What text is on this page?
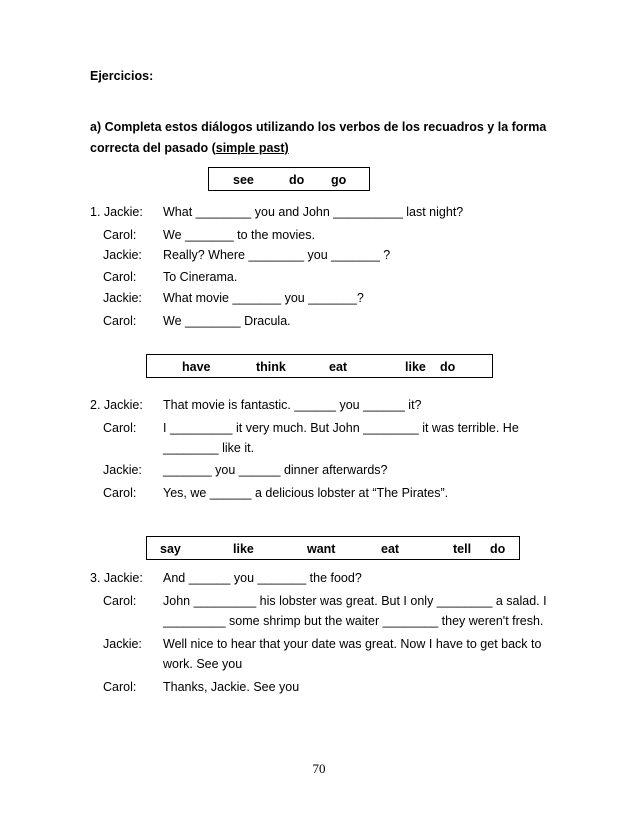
Ejercicios:
a) Completa estos diálogos utilizando los verbos de los recuadros y la forma
correcta del pasado (simple past)
see	do go
1. Jackie: What ________ you and John __________ last night?
Carol: We _______ to the movies.
Jackie: Really? Where ________ you _______ ?
Carol: To Cinerama.
Jackie: What movie _______ you _______?
Carol: We ________ Dracula.
have	think	eat	like do
2. Jackie: That movie is fantastic. ______ you ______ it?
Carol: I _________ it very much. But John ________ it was terrible. He
________ like it.
Jackie: _______ you ______ dinner afterwards?
Carol: Yes, we ______ a delicious lobster at “The Pirates”.
say	like	want	eat	tell do
3. Jackie: And ______ you _______ the food?
Carol: John _________ his lobster was great. But I only ________ a salad. I
_________ some shrimp but the waiter ________ they weren't fresh.
Jackie: Well nice to hear that your date was great. Now I have to get back to
work. See you
Carol: Thanks, Jackie. See you
70
